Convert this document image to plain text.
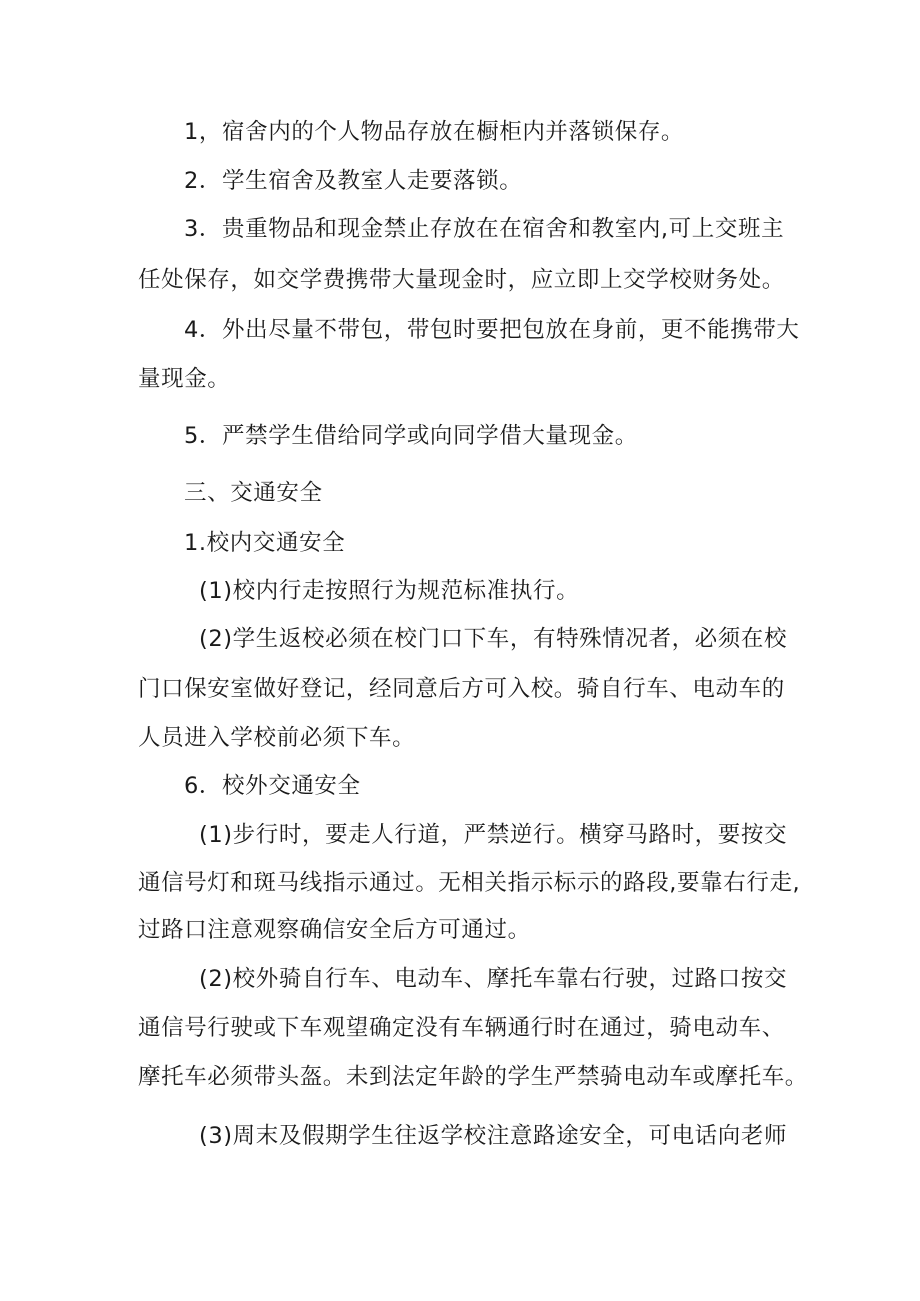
1，宿舍内的个人物品存放在橱柜内并落锁保存。
2．学生宿舍及教室人走要落锁。
3．贵重物品和现金禁止存放在在宿舍和教室内,可上交班主
任处保存，如交学费携带大量现金时，应立即上交学校财务处。
4．外出尽量不带包，带包时要把包放在身前，更不能携带大
量现金。
5．严禁学生借给同学或向同学借大量现金。
三、交通安全
1.校内交通安全
(1)校内行走按照行为规范标准执行。
(2)学生返校必须在校门口下车，有特殊情况者，必须在校
门口保安室做好登记，经同意后方可入校。骑自行车、电动车的
人员进入学校前必须下车。
6．校外交通安全
(1)步行时，要走人行道，严禁逆行。横穿马路时，要按交
通信号灯和斑马线指示通过。无相关指示标示的路段,要靠右行走,
过路口注意观察确信安全后方可通过。
(2)校外骑自行车、电动车、摩托车靠右行驶，过路口按交
通信号行驶或下车观望确定没有车辆通行时在通过，骑电动车、
摩托车必须带头盔。未到法定年龄的学生严禁骑电动车或摩托车。
(3)周末及假期学生往返学校注意路途安全，可电话向老师
